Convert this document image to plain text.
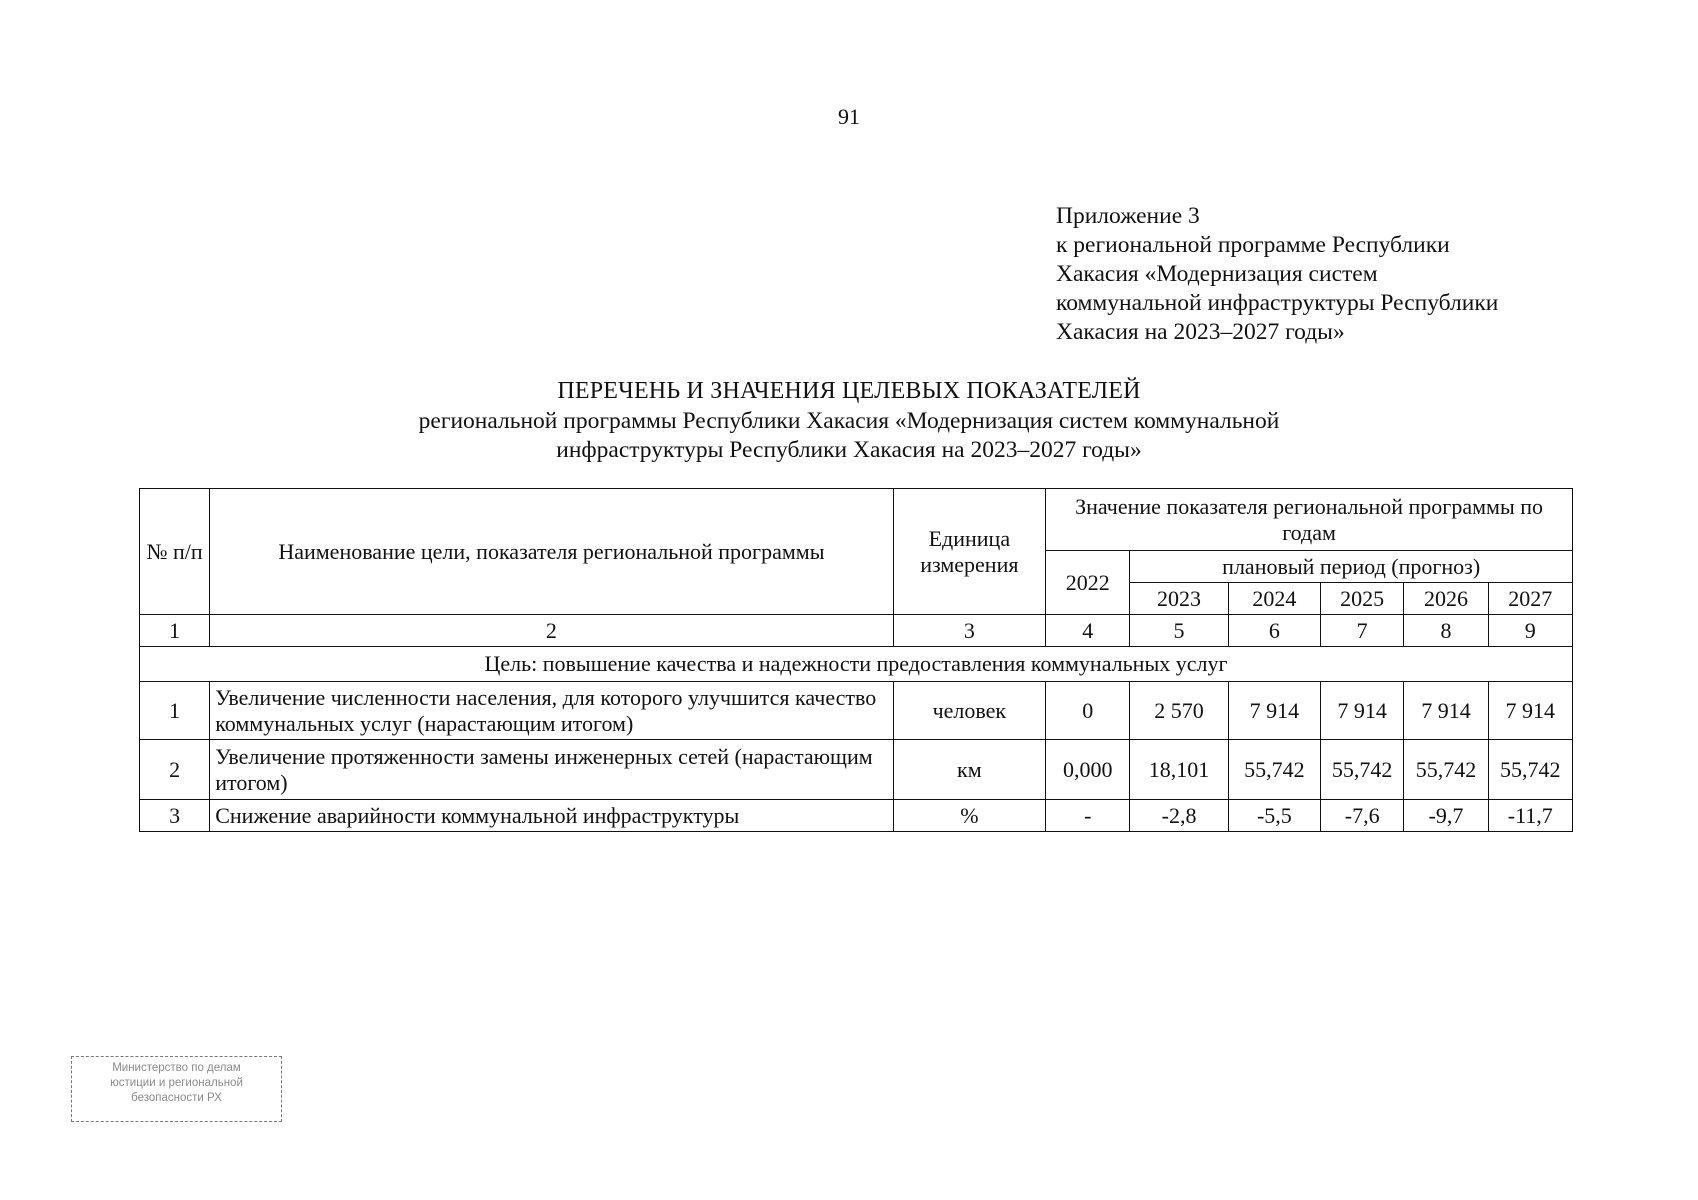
91
Приложение 3
к региональной программе Республики
Хакасия «Модернизация систем
коммунальной инфраструктуры Республики
Хакасия на 2023–2027 годы»
ПЕРЕЧЕНЬ И ЗНАЧЕНИЯ ЦЕЛЕВЫХ ПОКАЗАТЕЛЕЙ
региональной программы Республики Хакасия «Модернизация систем коммунальной
инфраструктуры Республики Хакасия на 2023–2027 годы»
№ п/п	Наименование цели, показателя региональной программы	Единица измерения	Значение показателя региональной программы по годам					
			2022	плановый период (прогноз)				
				2023	2024	2025	2026	2027
1	2	3	4	5	6	7	8	9
Цель: повышение качества и надежности предоставления коммунальных услуг								
1	Увеличение численности населения, для которого улучшится качество коммунальных услуг (нарастающим итогом)	человек	0	2 570	7 914	7 914	7 914	7 914
2	Увеличение протяженности замены инженерных сетей (нарастающим итогом)	км	0,000	18,101	55,742	55,742	55,742	55,742
3	Снижение аварийности коммунальной инфраструктуры	%	-	-2,8	-5,5	-7,6	-9,7	-11,7
Министерство по делам
юстиции и региональной
безопасности РХ
